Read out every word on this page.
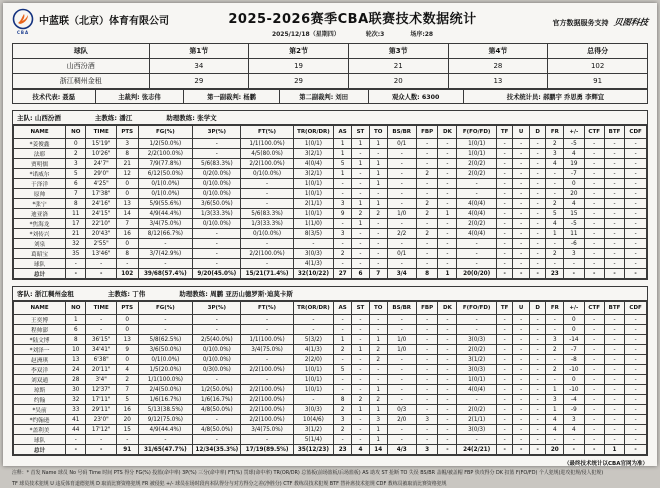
CBA
中蓝联（北京）体育有限公司	2025-2026赛季CBA联赛技术数据统计
2025/12/18（星期四）	轮次:3	场序:28
官方数据服务支持 贝图科技
球队	第1节	第2节	第3节	第4节	总得分
山西汾酒	34	19	21	28	102
浙江稠州金租	29	29	20	13	91
技术代表: 聂磊	主裁判: 张志伟	第一副裁判: 杨鹏	第二副裁判: 刘田	观众人数: 6300	技术统计员: 郝鹏宇 乔思勇 李辉宜
主队: 山西汾酒	主教练: 潘江	助理教练: 张学文
NAME	NO	TIME	PTS	FG(%)	3P(%)	FT(%)	TR(OR/DR)	AS	ST	TO	BS/BR	FBP	DK	F(FO/FD)	TF	U	D	FR	+/-	CTF	BTF	CDF
*姜俊鑫	0	15'19"	3	1/2(50.0%)	-	1/1(100.0%)	1(0/1)	1	1	1	0/1	-	-	1(0/1)	-	-	-	2	-5	-	-	-
法耶	2	10'26"	8	2/2(100.0%)	-	4/5(80.0%)	3(2/1)	1	-	-	-	-	-	1(0/1)	-	-	-	3	4	-	-	-
贾明儒	3	24'7"	21	7/9(77.8%)	5/6(83.3%)	2/2(100.0%)	4(0/4)	5	1	1	-	-	-	2(0/2)	-	-	-	4	19	-	-	-
*诺威尔	5	29'0"	12	6/12(50.0%)	0/2(0.0%)	0/1(0.0%)	3(2/1)	1	-	1	-	2	-	2(0/2)	-	-	-	-	-7	-	-	-
于泽洋	6	4'25"	0	0/1(0.0%)	0/1(0.0%)	-	1(0/1)	-	-	1	-	-	-	-	-	-	-	-	0	-	-	-
原帅	7	17'38"	0	0/1(0.0%)	0/1(0.0%)	-	1(0/1)	-	-	-	-	-	-	-	-	-	-	-	20	-	-	-
*张宁	8	24'16"	13	5/9(55.6%)	3/6(50.0%)	-	2(1/1)	3	1	1	-	2	-	4(0/4)	-	-	-	2	4	-	-	-
迪亚洛	11	24'15"	14	4/9(44.4%)	1/3(33.3%)	5/6(83.3%)	1(0/1)	9	2	2	1/0	2	1	4(0/4)	-	-	-	5	15	-	-	-
*焦海龙	17	22'10"	7	3/4(75.0%)	0/1(0.0%)	1/3(33.3%)	1(1/0)	-	1	-	-	-	-	2(0/2)	-	-	-	4	-5	-	-	-
*刘传兴	21	20'43"	16	8/12(66.7%)	-	0/1(0.0%)	8(3/5)	3	-	-	2/2	2	-	4(0/4)	-	-	-	1	11	-	-	-
刘泉	32	2'55"	0	-	-	-	-	-	-	-	-	-	-	-	-	-	-	-	-6	-	-	-
葛昭宝	35	13'46"	8	3/7(42.9%)	-	2/2(100.0%)	3(0/3)	2	-	-	0/1	-	-	-	-	-	-	2	3	-	-	-
球队	-	-	-	-	-	-	4(1/3)	-	-	-	-	-	-	-	-	-	-	-	-	-	-	-
总计	-	-	102	39/68(57.4%)	9/20(45.0%)	15/21(71.4%)	32(10/22)	27	6	7	3/4	8	1	20(0/20)	-	-	-	23	-	-	-	-
客队: 浙江稠州金租	主教练: 丁伟	助理教练: 周鹏 亚历山德罗斯·迪莫卡斯
NAME	NO	TIME	PTS	FG(%)	3P(%)	FT(%)	TR(OR/DR)	AS	ST	TO	BS/BR	FBP	DK	F(FO/FD)	TF	U	D	FR	+/-	CTF	BTF	CDF
王奕博	1	-	0	-	-	-	-	-	-	-	-	-	-	-	-	-	-	-	0	-	-	-
程帅澎	6	-	0	-	-	-	-	-	-	-	-	-	-	-	-	-	-	-	0	-	-	-
*陆文博	8	36'15"	13	5/8(62.5%)	2/5(40.0%)	1/1(100.0%)	5(3/2)	1	-	1	1/0	-	-	3(0/3)	-	-	-	3	-14	-	-	-
*刘泽一	10	34'41"	9	3/6(50.0%)	0/1(0.0%)	3/4(75.0%)	4(1/3)	2	1	2	1/0	-	-	2(0/2)	-	-	-	2	-7	-	-	-
赵洲琪	13	6'38"	0	0/1(0.0%)	0/1(0.0%)	-	2(2/0)	-	-	2	-	-	-	3(1/2)	-	-	-	-	-8	-	-	-
李双洋	24	20'11"	4	1/5(20.0%)	0/3(0.0%)	2/2(100.0%)	1(0/1)	5	-	-	-	-	-	3(0/3)	-	-	-	2	-10	-	-	-
刘双通	28	3'4"	2	1/1(100.0%)	-	-	1(0/1)	-	-	-	-	-	-	1(0/1)	-	-	-	-	0	-	-	-
琼斯	30	12'37"	7	2/4(50.0%)	1/2(50.0%)	2/2(100.0%)	1(0/1)	-	-	1	-	-	-	4(0/4)	-	-	-	1	-10	-	-	-
约翰	32	17'11"	5	1/6(16.7%)	1/6(16.7%)	2/2(100.0%)	-	8	2	2	-	-	-	-	-	-	-	3	-4	-	-	-
*吴前	33	29'11"	16	5/13(38.5%)	4/8(50.0%)	2/2(100.0%)	3(0/3)	2	1	1	0/3	-	-	2(0/2)	-	-	-	1	-9	-	-	-
*约翰逊	41	23'0"	20	9/12(75.0%)	-	2/2(100.0%)	10(4/6)	3	-	3	2/0	3	-	2(1/1)	-	-	-	4	3	-	-	-
*盖利美	44	17'12"	15	4/9(44.4%)	4/8(50.0%)	3/4(75.0%)	3(1/2)	2	-	1	-	-	-	3(0/3)	-	-	-	4	4	-	-	-
球队	-	-	-	-	-	-	5(1/4)	-	-	1	-	-	-	-	-	-	-	-	-	-	-	-
总计	-	-	91	31/65(47.7%)	12/34(35.3%)	17/19(89.5%)	35(12/23)	23	4	14	4/3	3	-	24(2/21)	-	-	-	20	-	-	1	-
（最终技术统计以CBA官网为准）
注释：* 首发 Name 球员 No 号码 Time 时间 PTS 得分 FG(%) 投篮(命中率) 3P(%) 三分(命中率) FT(%) 罚球(命中率) TR(OR/DR) 总篮板(前场篮板/后场篮板) AS 助攻 ST 抢断 TO 失误 BS/BR 盖帽/被盖帽 FBP 快攻得分 DK 扣篮 F(FO/FD) 个人犯规(进攻犯规/侵人犯规)
TF 球员技术犯规 U 违反体育道德犯规 D 取消比赛资格犯规 FR 被侵犯 +/- 球员在场时段内本队得分与对方得分之差(净胜分) CTF 教练员技术犯规 BTF 替补席技术犯规 CDF 教练员被取消比赛资格犯规
